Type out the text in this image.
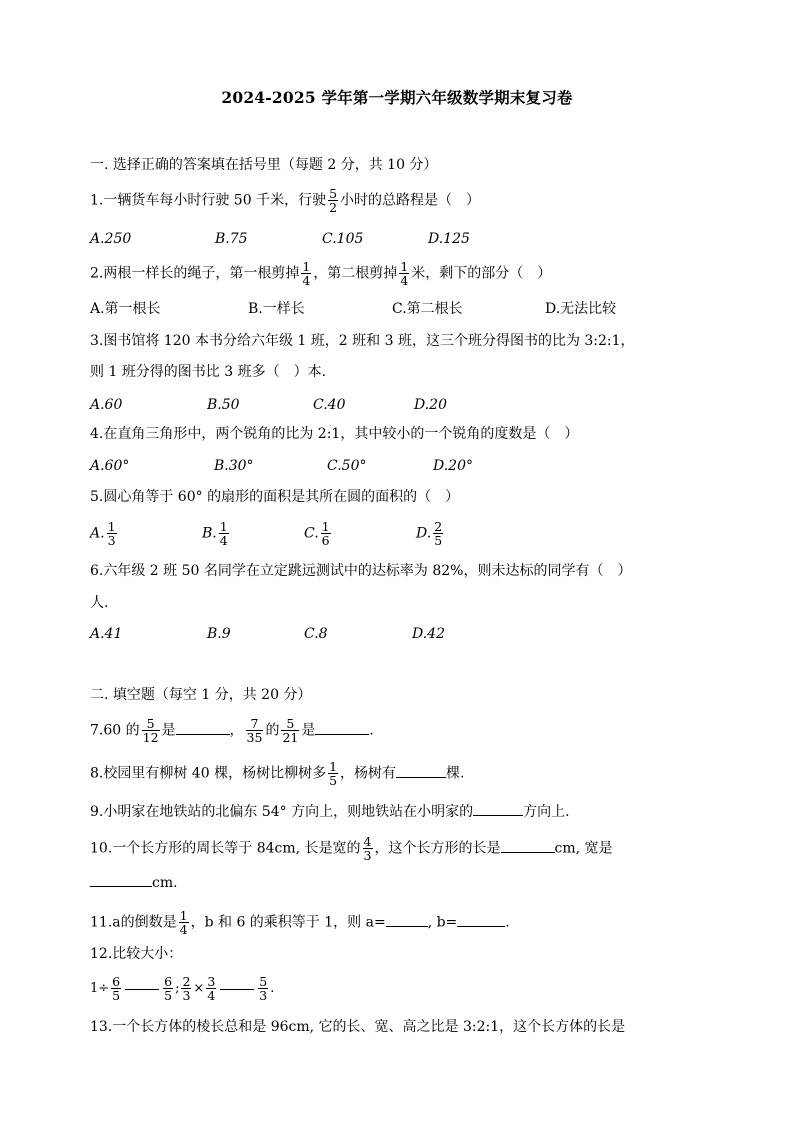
2024-2025 学年第一学期六年级数学期末复习卷
一. 选择正确的答案填在括号里（每题 2 分，共 10 分）
1.一辆货车每小时行驶 50 千米，行驶 $\frac{5}{2}$ 小时的总路程是（　）
A.250	B.75	C.105	D.125
2.两根一样长的绳子，第一根剪掉 $\frac{1}{4}$ ，第二根剪掉 $\frac{1}{4}$ 米，剩下的部分（　）
A.第一根长	B.一样长	C.第二根长	D.无法比较
3.图书馆将 120 本书分给六年级 1 班，2 班和 3 班，这三个班分得图书的比为 3:2:1，
则 1 班分得的图书比 3 班多（　）本.
A.60	B.50	C.40	D.20
4.在直角三角形中，两个锐角的比为 2:1，其中较小的一个锐角的度数是（　）
A.60°	B.30°	C.50°	D.20°
5.圆心角等于 60° 的扇形的面积是其所在圆的面积的（　）
A. $\frac{1}{3}$	B. $\frac{1}{4}$	C. $\frac{1}{6}$	D. $\frac{2}{5}$
6.六年级 2 班 50 名同学在立定跳远测试中的达标率为 82%，则未达标的同学有（　）
人.
A.41	B.9	C.8	D.42
二. 填空题（每空 1 分，共 20 分）
7.60 的 $\frac{5}{12}$ 是	， $\frac{7}{35}$ 的 $\frac{5}{21}$ 是	.
8.校园里有柳树 40 棵，杨树比柳树多 $\frac{1}{5}$ ，杨树有	棵.
9.小明家在地铁站的北偏东 54° 方向上，则地铁站在小明家的	方向上.
10.一个长方形的周长等于 84cm, 长是宽的 $\frac{4}{3}$ ，这个长方形的长是	cm, 宽是
cm.
11.a的倒数是 $\frac{1}{4}$ ，b 和 6 的乘积等于 1，则 a=	, b=	.
12.比较大小：
$1\div \frac{6}{5}$	$\frac{6}{5}$ ; $\frac{2}{3} \times \frac{3}{4}$	$\frac{5}{3}$ .
13.一个长方体的棱长总和是 96cm, 它的长、宽、高之比是 3:2:1，这个长方体的长是
